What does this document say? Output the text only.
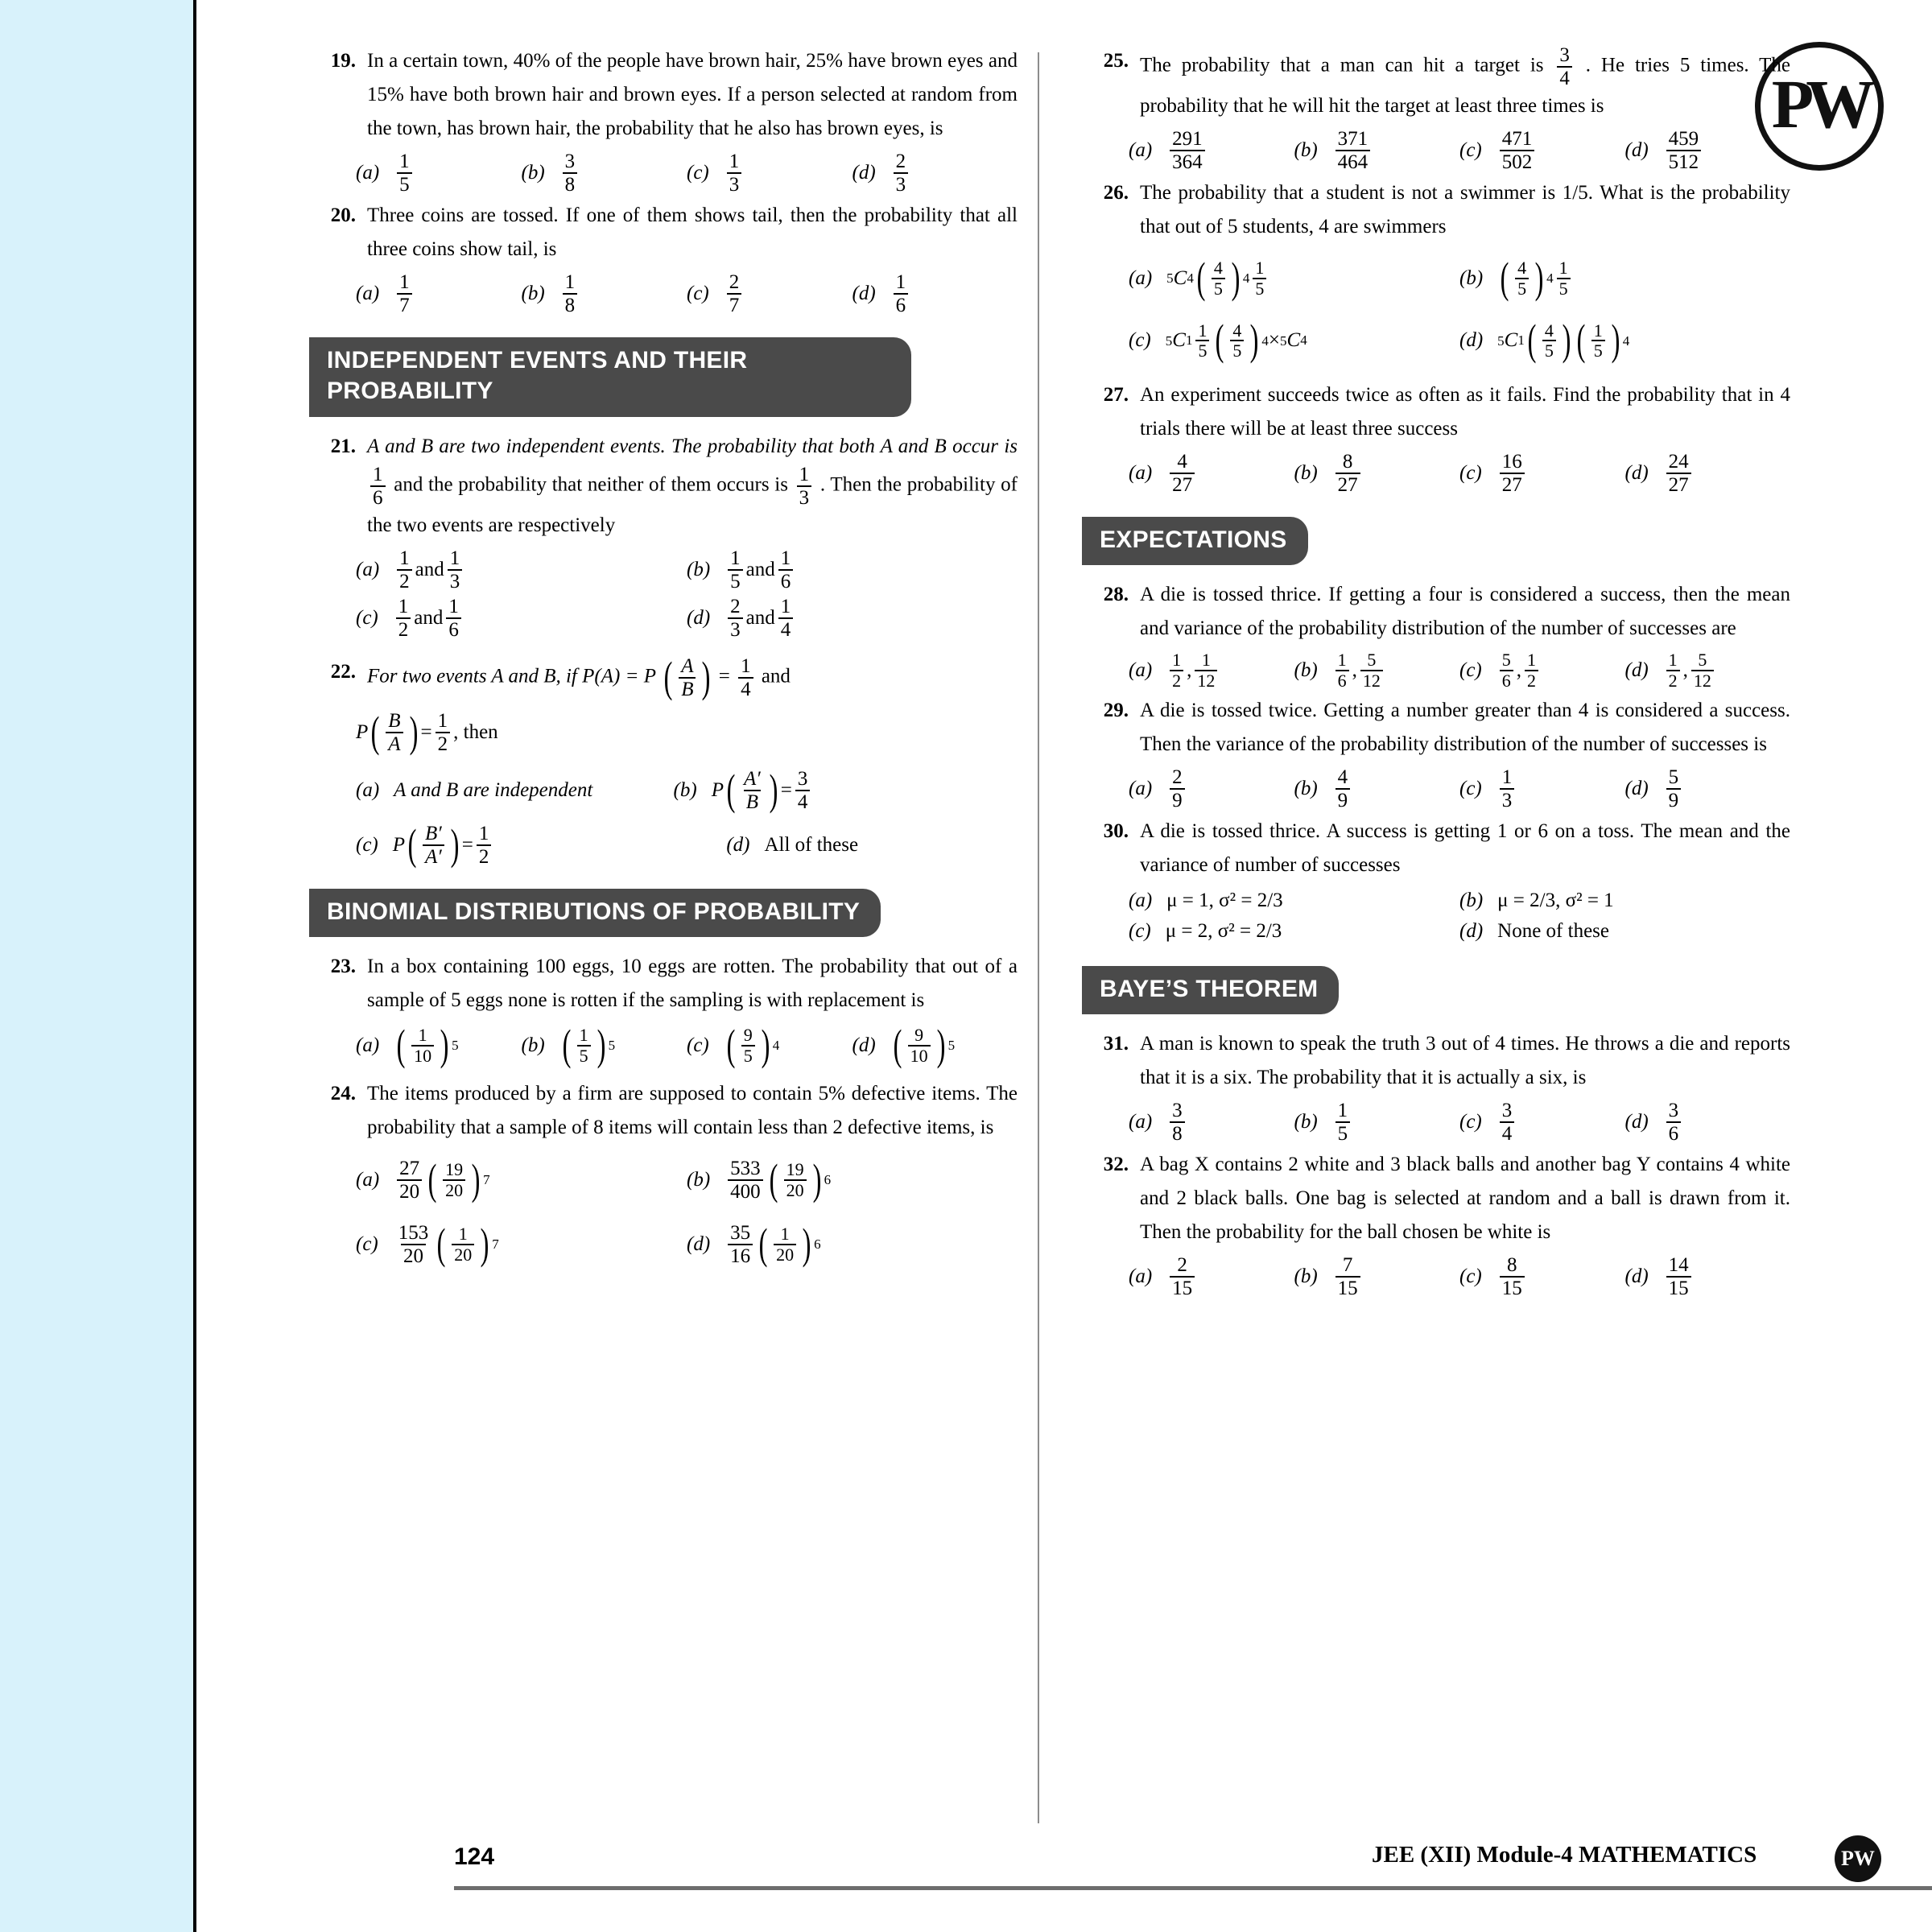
PW
19. In a certain town, 40% of the people have brown hair, 25% have brown eyes and 15% have both brown hair and brown eyes. If a person selected at random from the town, has brown hair, the probability that he also has brown eyes, is
$(a) \frac{1}{5}$	$(b) \frac{3}{8}$	$(c) \frac{1}{3}$	$(d) \frac{2}{3}$
20. Three coins are tossed. If one of them shows tail, then the probability that all three coins show tail, is
$(a) \frac{1}{7}$	$(b) \frac{1}{8}$	$(c) \frac{2}{7}$	$(d) \frac{1}{6}$
INDEPENDENT EVENTS AND THEIR PROBABILITY
21. A and B are two independent events. The probability that both A and B occur is
$\frac{1}{6}$ and the probability that neither of them occurs is $\frac{1}{3}$ . Then the probability of the two events are respectively
$(a) \frac{1}{2}$ and $\frac{1}{3}$	$(b) \frac{1}{5}$ and $\frac{1}{6}$
$(c) \frac{1}{2}$ and $\frac{1}{6}$	$(d) \frac{2}{3}$ and $\frac{1}{4}$
22. For two events A and B, if P(A) = P ( $\frac{A}{B}$ ) = $\frac{1}{4}$ and
P ( $\frac{B}{A}$ ) = $\frac{1}{2}$ , then
(a) A and B are independent	(b) P ( $\frac{A'}{B}$ ) = $\frac{3}{4}$
(c) P ( $\frac{B'}{A'}$ ) = $\frac{1}{2}$	(d) All of these
BINOMIAL DISTRIBUTIONS OF PROBABILITY
23. In a box containing 100 eggs, 10 eggs are rotten. The probability that out of a sample of 5 eggs none is rotten if the sampling is with replacement is
(a) ( $\frac{1}{10}$ ) 5	(b) ( $\frac{1}{5}$ ) 5	(c) ( $\frac{9}{5}$ ) 4	(d) ( $\frac{9}{10}$ ) 5
24. The items produced by a firm are supposed to contain 5% defective items. The probability that a sample of 8 items will contain less than 2 defective items, is
$(a) \frac{27}{20}$ ( $\frac{19}{20}$ ) 7	$(b) \frac{533}{400}$ ( $\frac{19}{20}$ ) 6
$(c) \frac{153}{20}$ ( $\frac{1}{20}$ ) 7	$(d) \frac{35}{16}$ ( $\frac{1}{20}$ ) 6
25. The probability that a man can hit a target is $\frac{3}{4}$ . He tries 5 times. The probability that he will hit the target at least three times is
$(a) \frac{291}{364}$	$(b) \frac{371}{464}$	$(c) \frac{471}{502}$	$(d) \frac{459}{512}$
26. The probability that a student is not a swimmer is 1/5. What is the probability that out of 5 students, 4 are swimmers
(a)	5 C 4 ( $\frac{4}{5}$ ) $4 \frac{1}{5}$	(b) ( $\frac{4}{5}$ ) $4 \frac{1}{5}$
(c)	5 C $1 \frac{1}{5}$ ( $\frac{4}{5}$ ) 4 × 5 C 4	(d)	5 C 1 ( $\frac{4}{5}$ ) ( $\frac{1}{5}$ ) 4
27. An experiment succeeds twice as often as it fails. Find the probability that in 4 trials there will be at least three success
$(a) \frac{4}{27}$	$(b) \frac{8}{27}$	$(c) \frac{16}{27}$	$(d) \frac{24}{27}$
EXPECTATIONS
28. A die is tossed thrice. If getting a four is considered a success, then the mean and variance of the probability distribution of the number of successes are
(a)	$\frac{1}{2}$ , $\frac{1}{12}$	(b)	$\frac{1}{6}$ , $\frac{5}{12}$	(c)	$\frac{5}{6}$ , $\frac{1}{2}$	(d)	$\frac{1}{2}$ , $\frac{5}{12}$
29. A die is tossed twice. Getting a number greater than 4 is considered a success. Then the variance of the probability distribution of the number of successes is
$(a) \frac{2}{9}$	$(b) \frac{4}{9}$	$(c) \frac{1}{3}$	$(d) \frac{5}{9}$
30. A die is tossed thrice. A success is getting 1 or 6 on a toss. The mean and the variance of number of successes
(a) μ = 1, σ² = 2/3	(b) μ = 2/3, σ² = 1
(c) μ = 2, σ² = 2/3	(d) None of these
BAYE’S THEOREM
31. A man is known to speak the truth 3 out of 4 times. He throws a die and reports that it is a six. The probability that it is actually a six, is
$(a) \frac{3}{8}$	$(b) \frac{1}{5}$	$(c) \frac{3}{4}$	$(d) \frac{3}{6}$
32. A bag X contains 2 white and 3 black balls and another bag Y contains 4 white and 2 black balls. One bag is selected at random and a ball is drawn from it. Then the probability for the ball chosen be white is
$(a) \frac{2}{15}$	$(b) \frac{7}{15}$	$(c) \frac{8}{15}$	$(d) \frac{14}{15}$
124	JEE (XII) Module-4 MATHEMATICS	PW
